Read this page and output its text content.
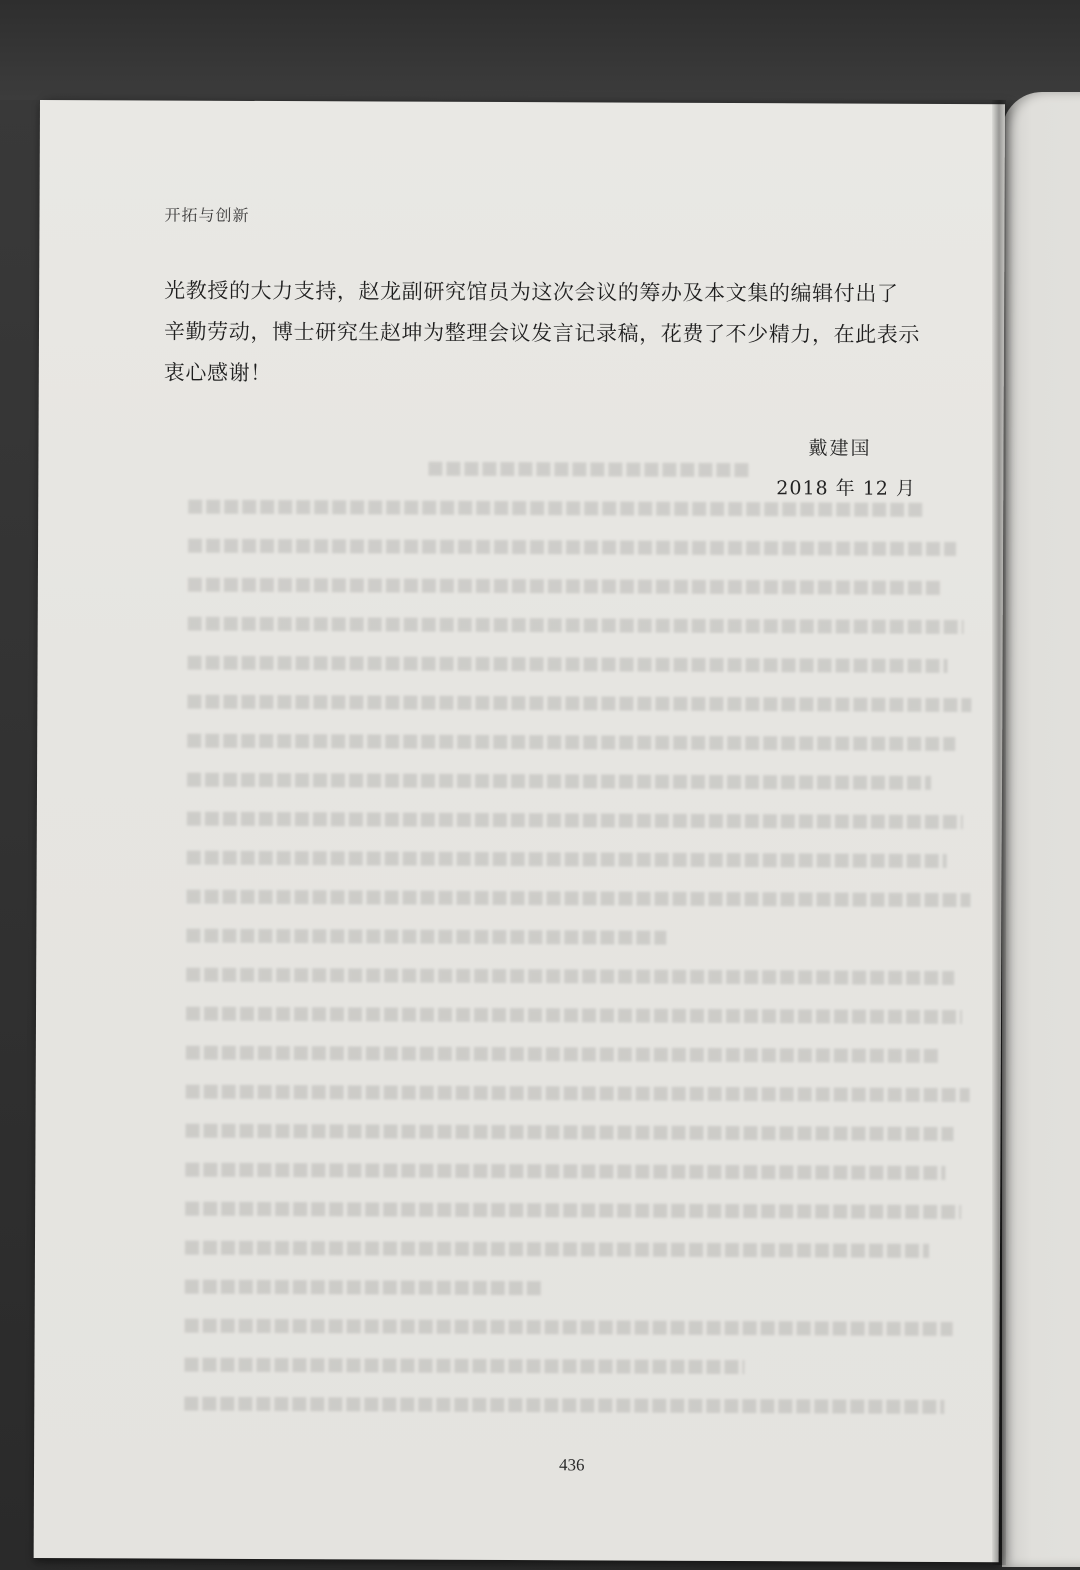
开拓与创新
光教授的大力支持，赵龙副研究馆员为这次会议的筹办及本文集的编辑付出了
辛勤劳动，博士研究生赵坤为整理会议发言记录稿，花费了不少精力，在此表示
衷心感谢！
戴建国
2018 年 12 月
436
